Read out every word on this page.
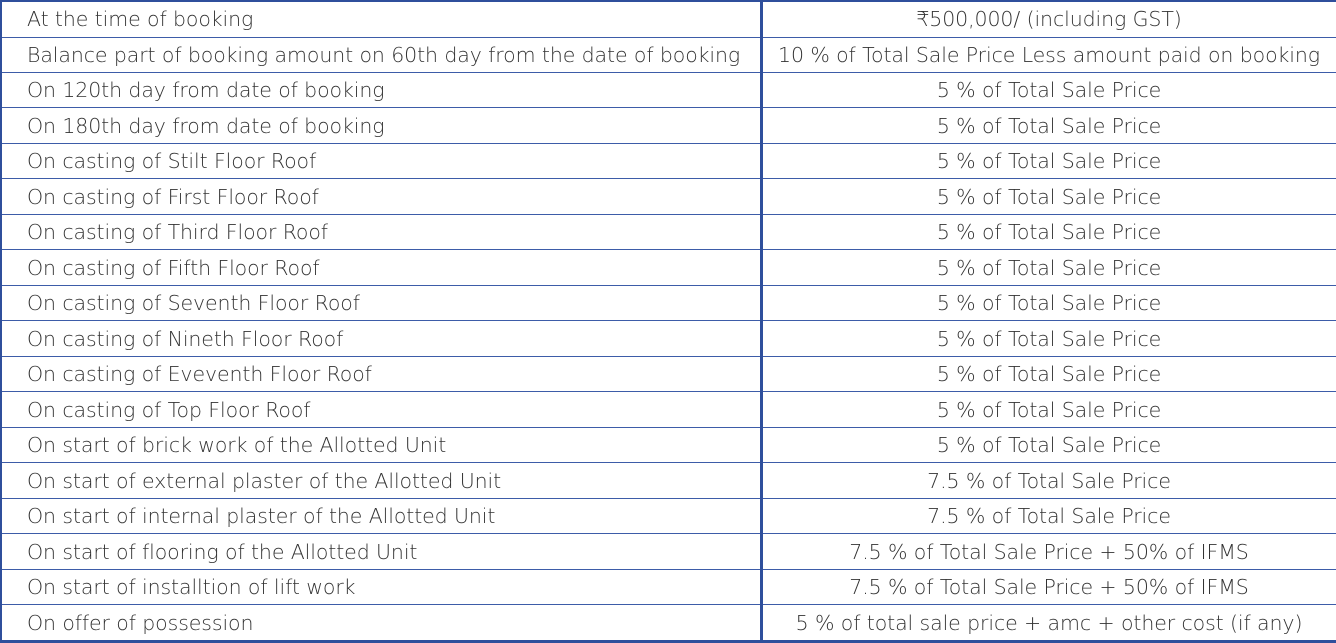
At the time of booking	₹500,000/ (including GST)
Balance part of booking amount on 60th day from the date of booking	10 % of Total Sale Price Less amount paid on booking
On 120th day from date of booking	5 % of Total Sale Price
On 180th day from date of booking	5 % of Total Sale Price
On casting of Stilt Floor Roof	5 % of Total Sale Price
On casting of First Floor Roof	5 % of Total Sale Price
On casting of Third Floor Roof	5 % of Total Sale Price
On casting of Fifth Floor Roof	5 % of Total Sale Price
On casting of Seventh Floor Roof	5 % of Total Sale Price
On casting of Nineth Floor Roof	5 % of Total Sale Price
On casting of Eveventh Floor Roof	5 % of Total Sale Price
On casting of Top Floor Roof	5 % of Total Sale Price
On start of brick work of the Allotted Unit	5 % of Total Sale Price
On start of external plaster of the Allotted Unit	7.5 % of Total Sale Price
On start of internal plaster of the Allotted Unit	7.5 % of Total Sale Price
On start of flooring of the Allotted Unit	7.5 % of Total Sale Price + 50% of IFMS
On start of installtion of lift work	7.5 % of Total Sale Price + 50% of IFMS
On offer of possession	5 % of total sale price + amc + other cost (if any)
